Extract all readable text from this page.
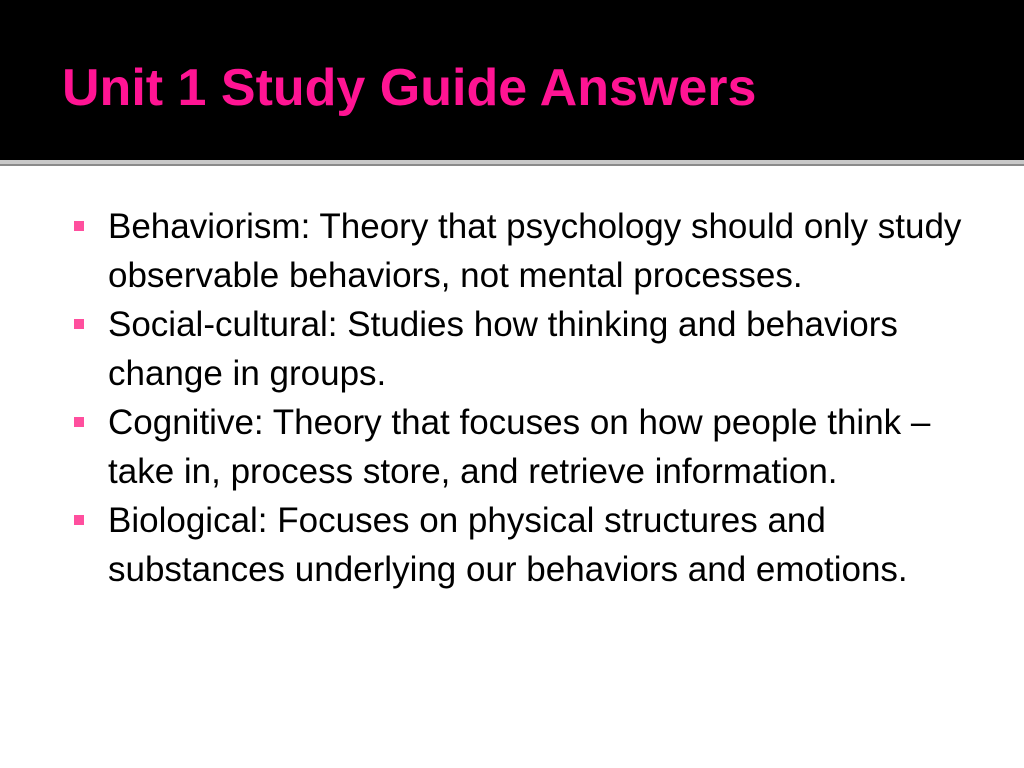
Unit 1 Study Guide Answers
Behaviorism: Theory that psychology should only study observable behaviors, not mental processes.
Social-cultural: Studies how thinking and behaviors change in groups.
Cognitive: Theory that focuses on how people think – take in, process store, and retrieve information.
Biological: Focuses on physical structures and substances underlying our behaviors and emotions.
